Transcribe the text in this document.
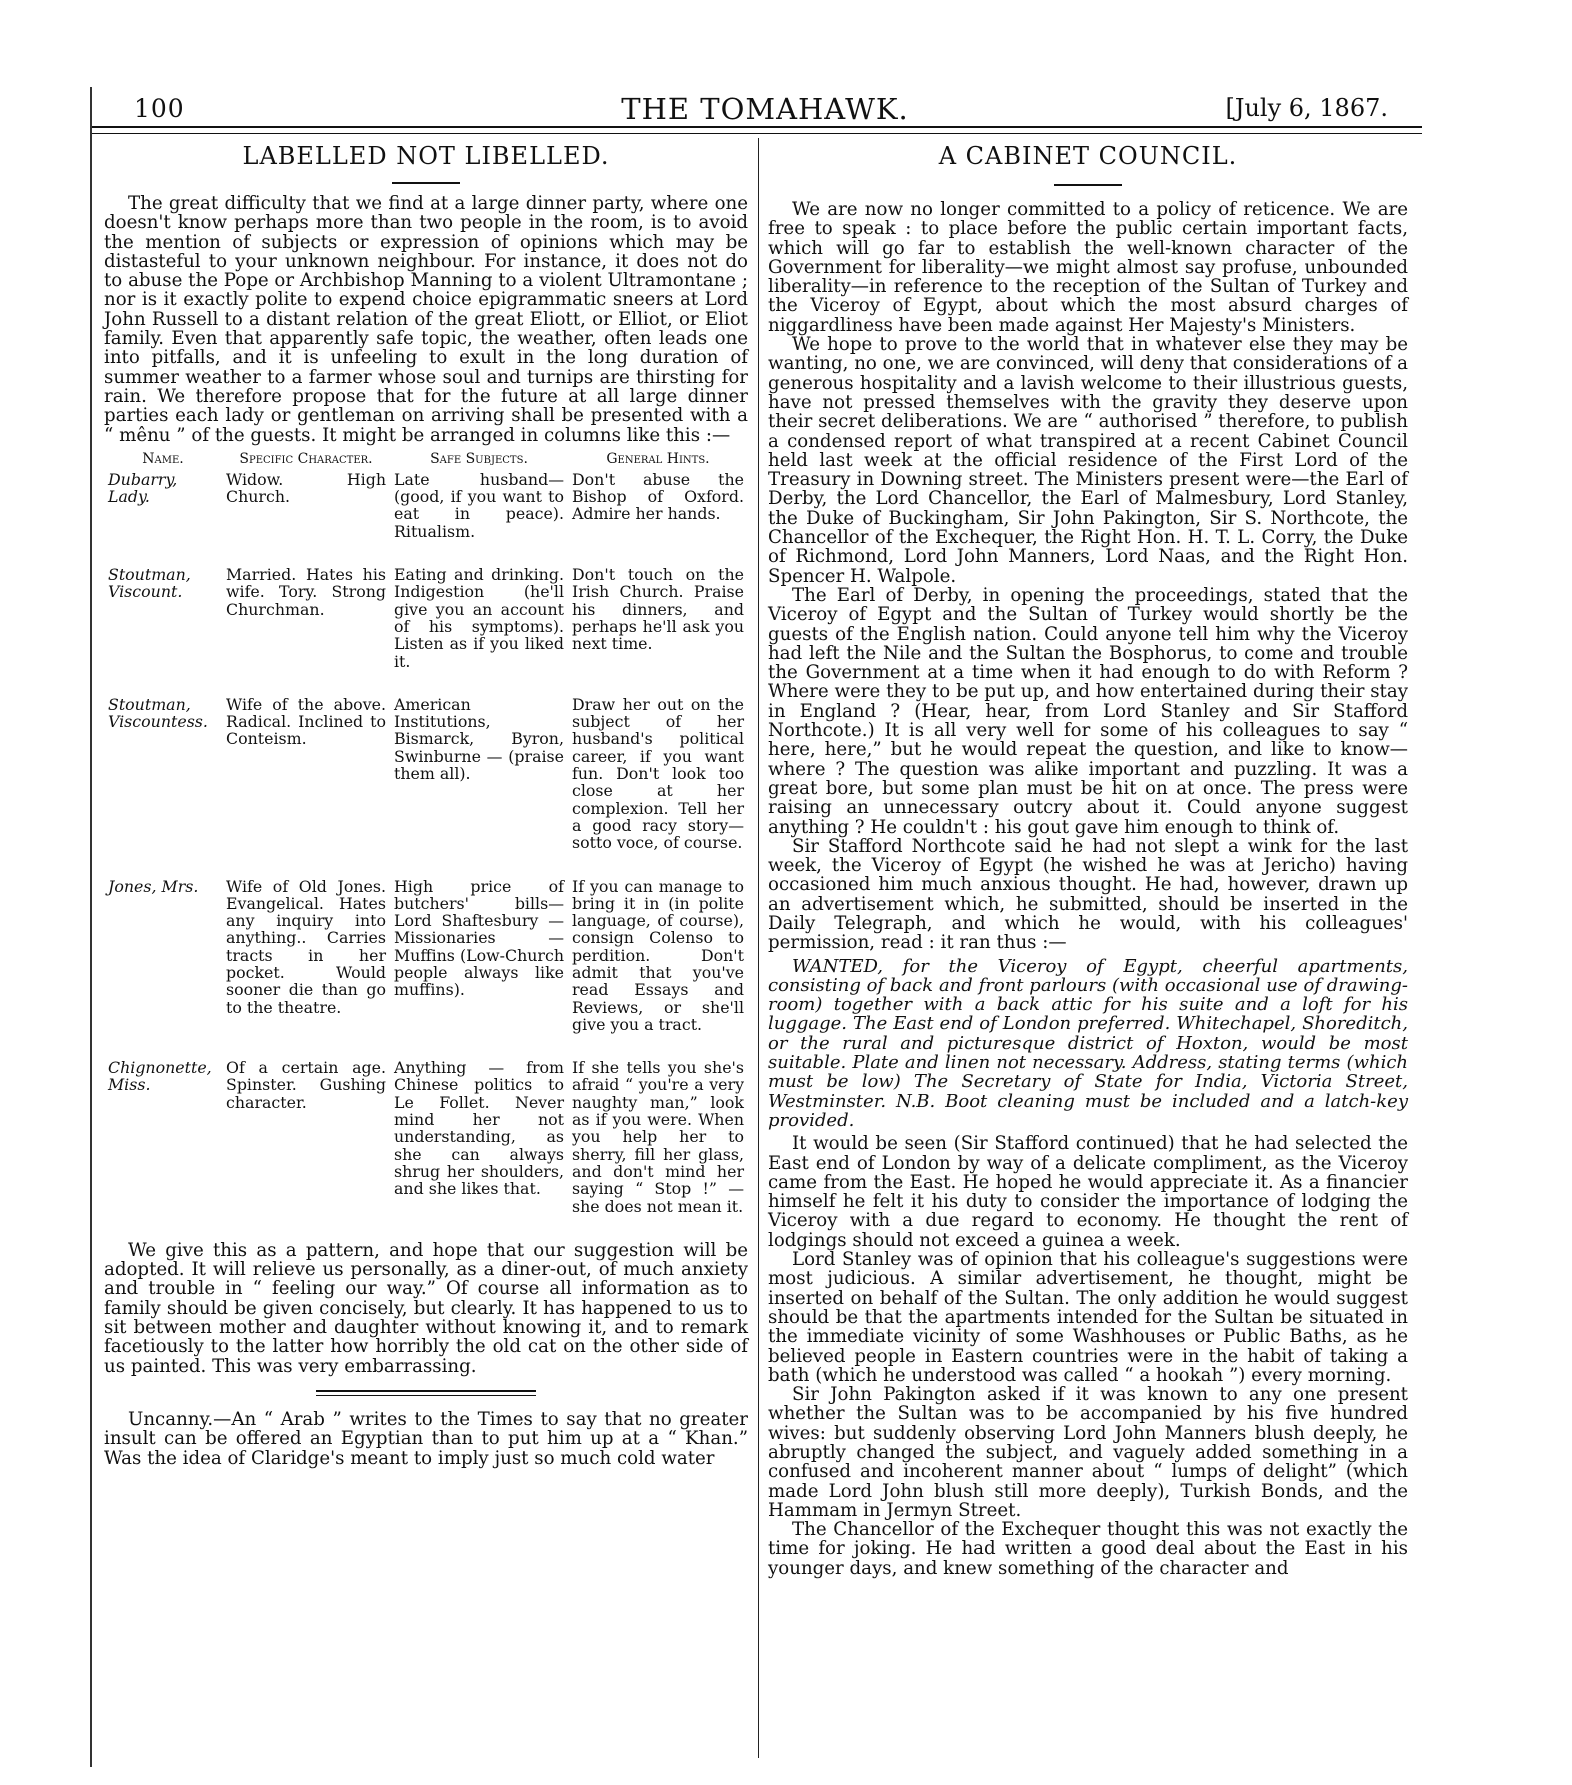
100	THE TOMAHAWK.	[July 6, 1867.
LABELLED NOT LIBELLED.

The great difficulty that we find at a large dinner party, where one doesn't know perhaps more than two people in the room, is to avoid the mention of subjects or expression of opinions which may be distasteful to your unknown neighbour. For instance, it does not do to abuse the Pope or Archbishop Manning to a violent Ultramontane ; nor is it exactly polite to expend choice epigrammatic sneers at Lord John Russell to a distant relation of the great Eliott, or Elliot, or Eliot family. Even that apparently safe topic, the weather, often leads one into pitfalls, and it is unfeeling to exult in the long duration of summer weather to a farmer whose soul and turnips are thirsting for rain. We therefore propose that for the future at all large dinner parties each lady or gentleman on arriving shall be presented with a “ mênu ” of the guests. It might be arranged in columns like this :—

Name.	Specific Character.	Safe Subjects.	General Hints.
Dubarry, Lady.	Widow. High Church.	Late husband— (good, if you want to eat in peace). Ritualism.	Don't abuse the Bishop of Oxford. Admire her hands.
Stoutman, Viscount.	Married. Hates his wife. Tory. Strong Churchman.	Eating and drinking. Indigestion (he'll give you an account of his symptoms). Listen as if you liked it.	Don't touch on the Irish Church. Praise his dinners, and perhaps he'll ask you next time.
Stoutman, Viscountess.	Wife of the above. Radical. Inclined to Conteism.	American Institutions, Bismarck, Byron, Swinburne — (praise them all).	Draw her out on the subject of her husband's political career, if you want fun. Don't look too close at her complexion. Tell her a good racy story—sotto voce, of course.
Jones, Mrs.	Wife of Old Jones. Evangelical. Hates any inquiry into anything.. Carries tracts in her pocket. Would sooner die than go to the theatre.	High price of butchers' bills— Lord Shaftesbury — Missionaries — Muffins (Low-Church people always like muffins).	If you can manage to bring it in (in polite language, of course), consign Colenso to perdition. Don't admit that you've read Essays and Reviews, or she'll give you a tract.
Chignonette, Miss.	Of a certain age. Spinster. Gushing character.	Anything — from Chinese politics to Le Follet. Never mind her not understanding, as she can always shrug her shoulders, and she likes that.	If she tells you she's afraid “ you're a very naughty man,” look as if you were. When you help her to sherry, fill her glass, and don't mind her saying “ Stop !” — she does not mean it.

We give this as a pattern, and hope that our suggestion will be adopted. It will relieve us personally, as a diner-out, of much anxiety and trouble in “ feeling our way.” Of course all information as to family should be given concisely, but clearly. It has happened to us to sit between mother and daughter without knowing it, and to remark facetiously to the latter how horribly the old cat on the other side of us painted. This was very embarrassing.

Uncanny.—An “ Arab ” writes to the Times to say that no greater insult can be offered an Egyptian than to put him up at a “ Khan.” Was the idea of Claridge's meant to imply just so much cold water

A CABINET COUNCIL.

We are now no longer committed to a policy of reticence. We are free to speak : to place before the public certain important facts, which will go far to establish the well-known character of the Government for liberality—we might almost say profuse, unbounded liberality—in reference to the reception of the Sultan of Turkey and the Viceroy of Egypt, about which the most absurd charges of niggardliness have been made against Her Majesty's Ministers.

We hope to prove to the world that in whatever else they may be wanting, no one, we are convinced, will deny that considerations of a generous hospitality and a lavish welcome to their illustrious guests, have not pressed themselves with the gravity they deserve upon their secret deliberations. We are “ authorised ” therefore, to publish a condensed report of what transpired at a recent Cabinet Council held last week at the official residence of the First Lord of the Treasury in Downing street. The Ministers present were—the Earl of Derby, the Lord Chancellor, the Earl of Malmesbury, Lord Stanley, the Duke of Buckingham, Sir John Pakington, Sir S. Northcote, the Chancellor of the Exchequer, the Right Hon. H. T. L. Corry, the Duke of Richmond, Lord John Manners, Lord Naas, and the Right Hon. Spencer H. Walpole.

The Earl of Derby, in opening the proceedings, stated that the Viceroy of Egypt and the Sultan of Turkey would shortly be the guests of the English nation. Could anyone tell him why the Viceroy had left the Nile and the Sultan the Bosphorus, to come and trouble the Government at a time when it had enough to do with Reform ? Where were they to be put up, and how entertained during their stay in England ? (Hear, hear, from Lord Stanley and Sir Stafford Northcote.) It is all very well for some of his colleagues to say “ here, here,” but he would repeat the question, and like to know—where ? The question was alike important and puzzling. It was a great bore, but some plan must be hit on at once. The press were raising an unnecessary outcry about it. Could anyone suggest anything ? He couldn't : his gout gave him enough to think of.

Sir Stafford Northcote said he had not slept a wink for the last week, the Viceroy of Egypt (he wished he was at Jericho) having occasioned him much anxious thought. He had, however, drawn up an advertisement which, he submitted, should be inserted in the Daily Telegraph, and which he would, with his colleagues' permission, read : it ran thus :—

WANTED, for the Viceroy of Egypt, cheerful apartments, consisting of back and front parlours (with occasional use of drawing-room) together with a back attic for his suite and a loft for his luggage. The East end of London preferred. Whitechapel, Shoreditch, or the rural and picturesque district of Hoxton, would be most suitable. Plate and linen not necessary. Address, stating terms (which must be low) The Secretary of State for India, Victoria Street, Westminster. N.B. Boot cleaning must be included and a latch-key provided.

It would be seen (Sir Stafford continued) that he had selected the East end of London by way of a delicate compliment, as the Viceroy came from the East. He hoped he would appreciate it. As a financier himself he felt it his duty to consider the importance of lodging the Viceroy with a due regard to economy. He thought the rent of lodgings should not exceed a guinea a week.

Lord Stanley was of opinion that his colleague's suggestions were most judicious. A similar advertisement, he thought, might be inserted on behalf of the Sultan. The only addition he would suggest should be that the apartments intended for the Sultan be situated in the immediate vicinity of some Washhouses or Public Baths, as he believed people in Eastern countries were in the habit of taking a bath (which he understood was called “ a hookah ”) every morning.

Sir John Pakington asked if it was known to any one present whether the Sultan was to be accompanied by his five hundred wives: but suddenly observing Lord John Manners blush deeply, he abruptly changed the subject, and vaguely added something in a confused and incoherent manner about “ lumps of delight” (which made Lord John blush still more deeply), Turkish Bonds, and the Hammam in Jermyn Street.

The Chancellor of the Exchequer thought this was not exactly the time for joking. He had written a good deal about the East in his younger days, and knew something of the character and
